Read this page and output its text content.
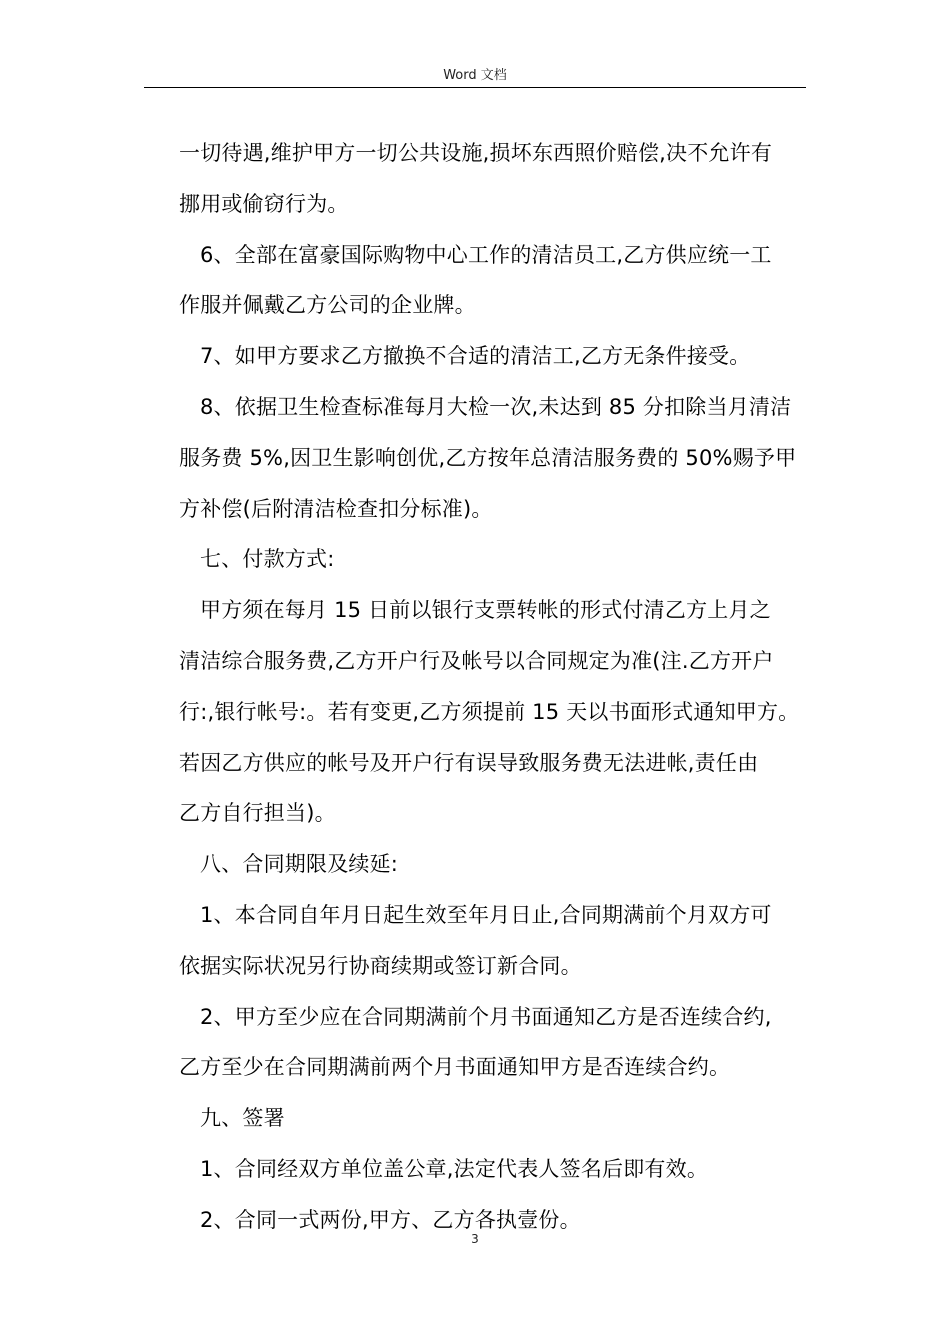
Word 文档

一切待遇,维护甲方一切公共设施,损坏东西照价赔偿,决不允许有

挪用或偷窃行为。

6、全部在富豪国际购物中心工作的清洁员工,乙方供应统一工

作服并佩戴乙方公司的企业牌。

7、如甲方要求乙方撤换不合适的清洁工,乙方无条件接受。

8、依据卫生检查标准每月大检一次,未达到 85 分扣除当月清洁

服务费 5%,因卫生影响创优,乙方按年总清洁服务费的 50%赐予甲

方补偿(后附清洁检查扣分标准)。

七、付款方式:

甲方须在每月 15 日前以银行支票转帐的形式付清乙方上月之

清洁综合服务费,乙方开户行及帐号以合同规定为准(注.乙方开户

行:,银行帐号:。若有变更,乙方须提前 15 天以书面形式通知甲方。

若因乙方供应的帐号及开户行有误导致服务费无法进帐,责任由

乙方自行担当)。

八、合同期限及续延:

1、本合同自年月日起生效至年月日止,合同期满前个月双方可

依据实际状况另行协商续期或签订新合同。

2、甲方至少应在合同期满前个月书面通知乙方是否连续合约,

乙方至少在合同期满前两个月书面通知甲方是否连续合约。

九、签署

1、合同经双方单位盖公章,法定代表人签名后即有效。

2、合同一式两份,甲方、乙方各执壹份。

3
